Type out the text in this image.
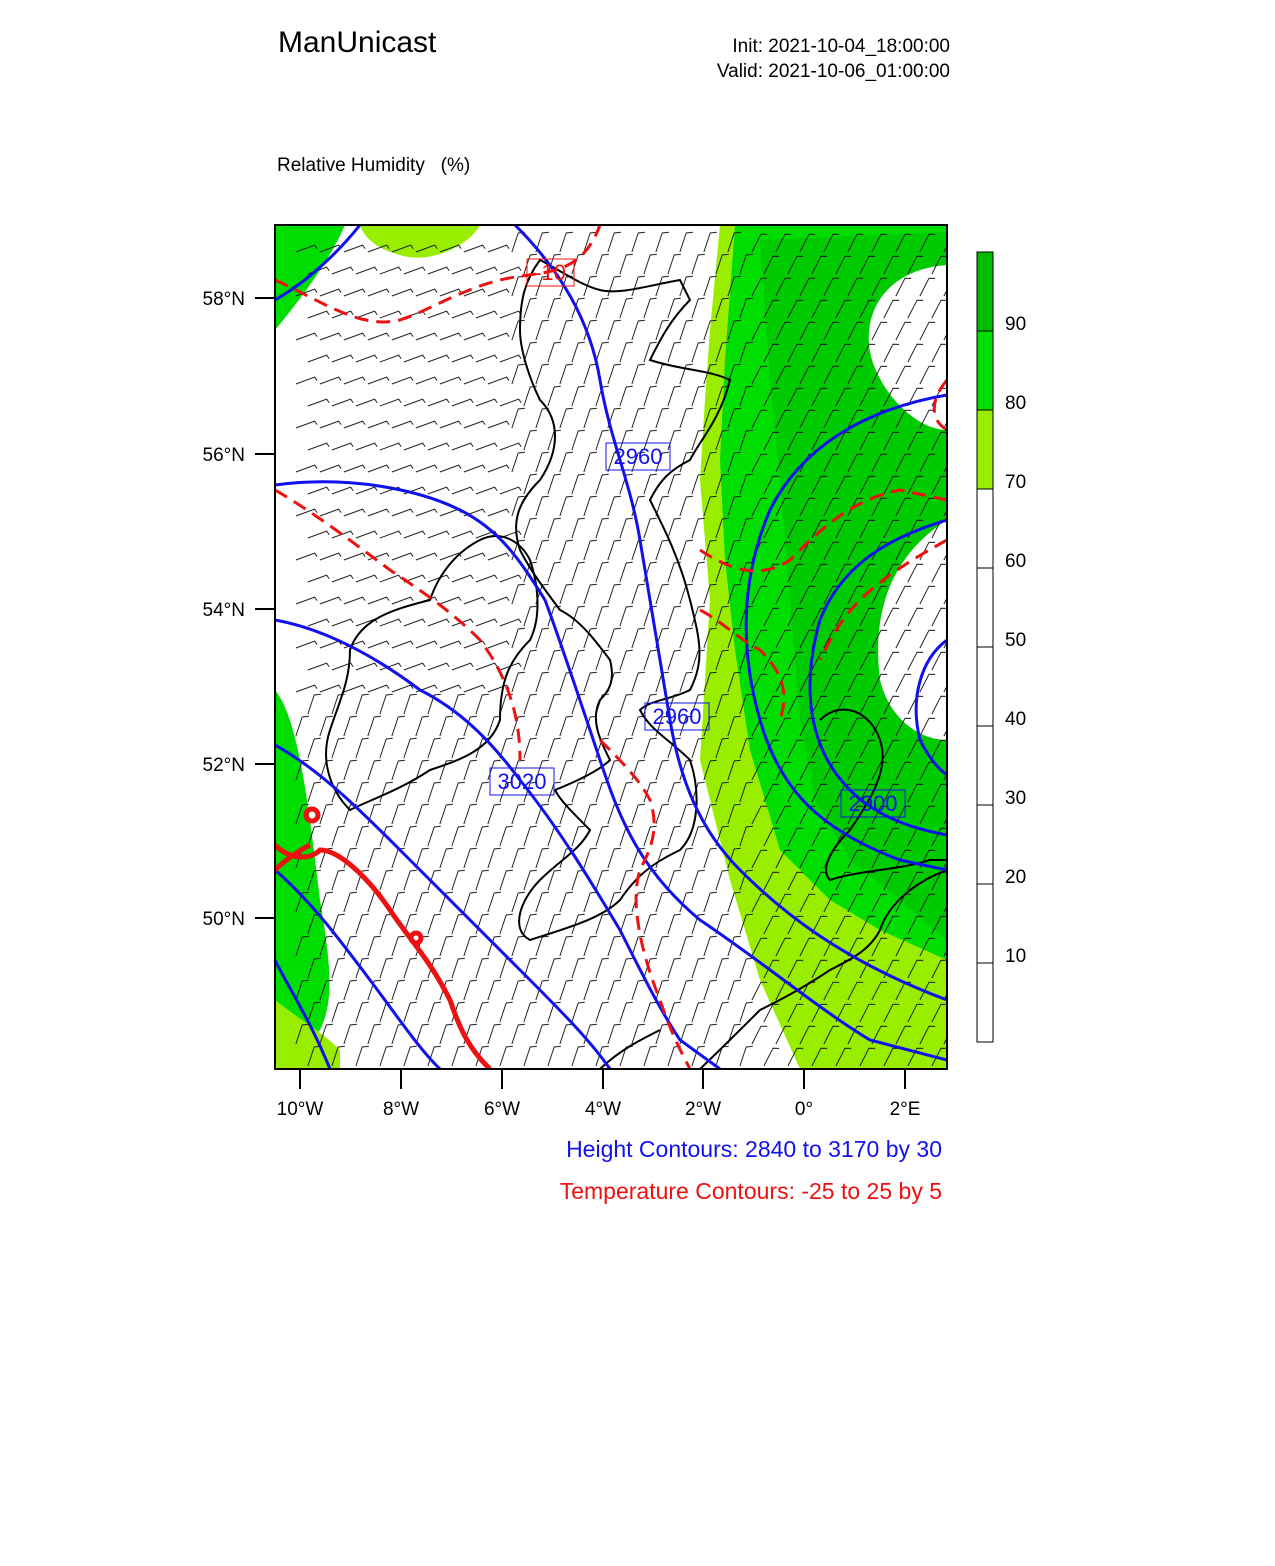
ManUnicast	Init: 2021-10-04_18:00:00
Valid: 2021-10-06_01:00:00

Relative Humidity   (%)

-10
2960
2960
3020
2900
58°N
56°N
54°N
52°N
50°N
10°W	8°W	6°W	4°W	2°W	0°	2°E
90
80
70
60
50
40
30
20
10
Height Contours: 2840 to 3170 by 30
Temperature Contours: -25 to 25 by 5
